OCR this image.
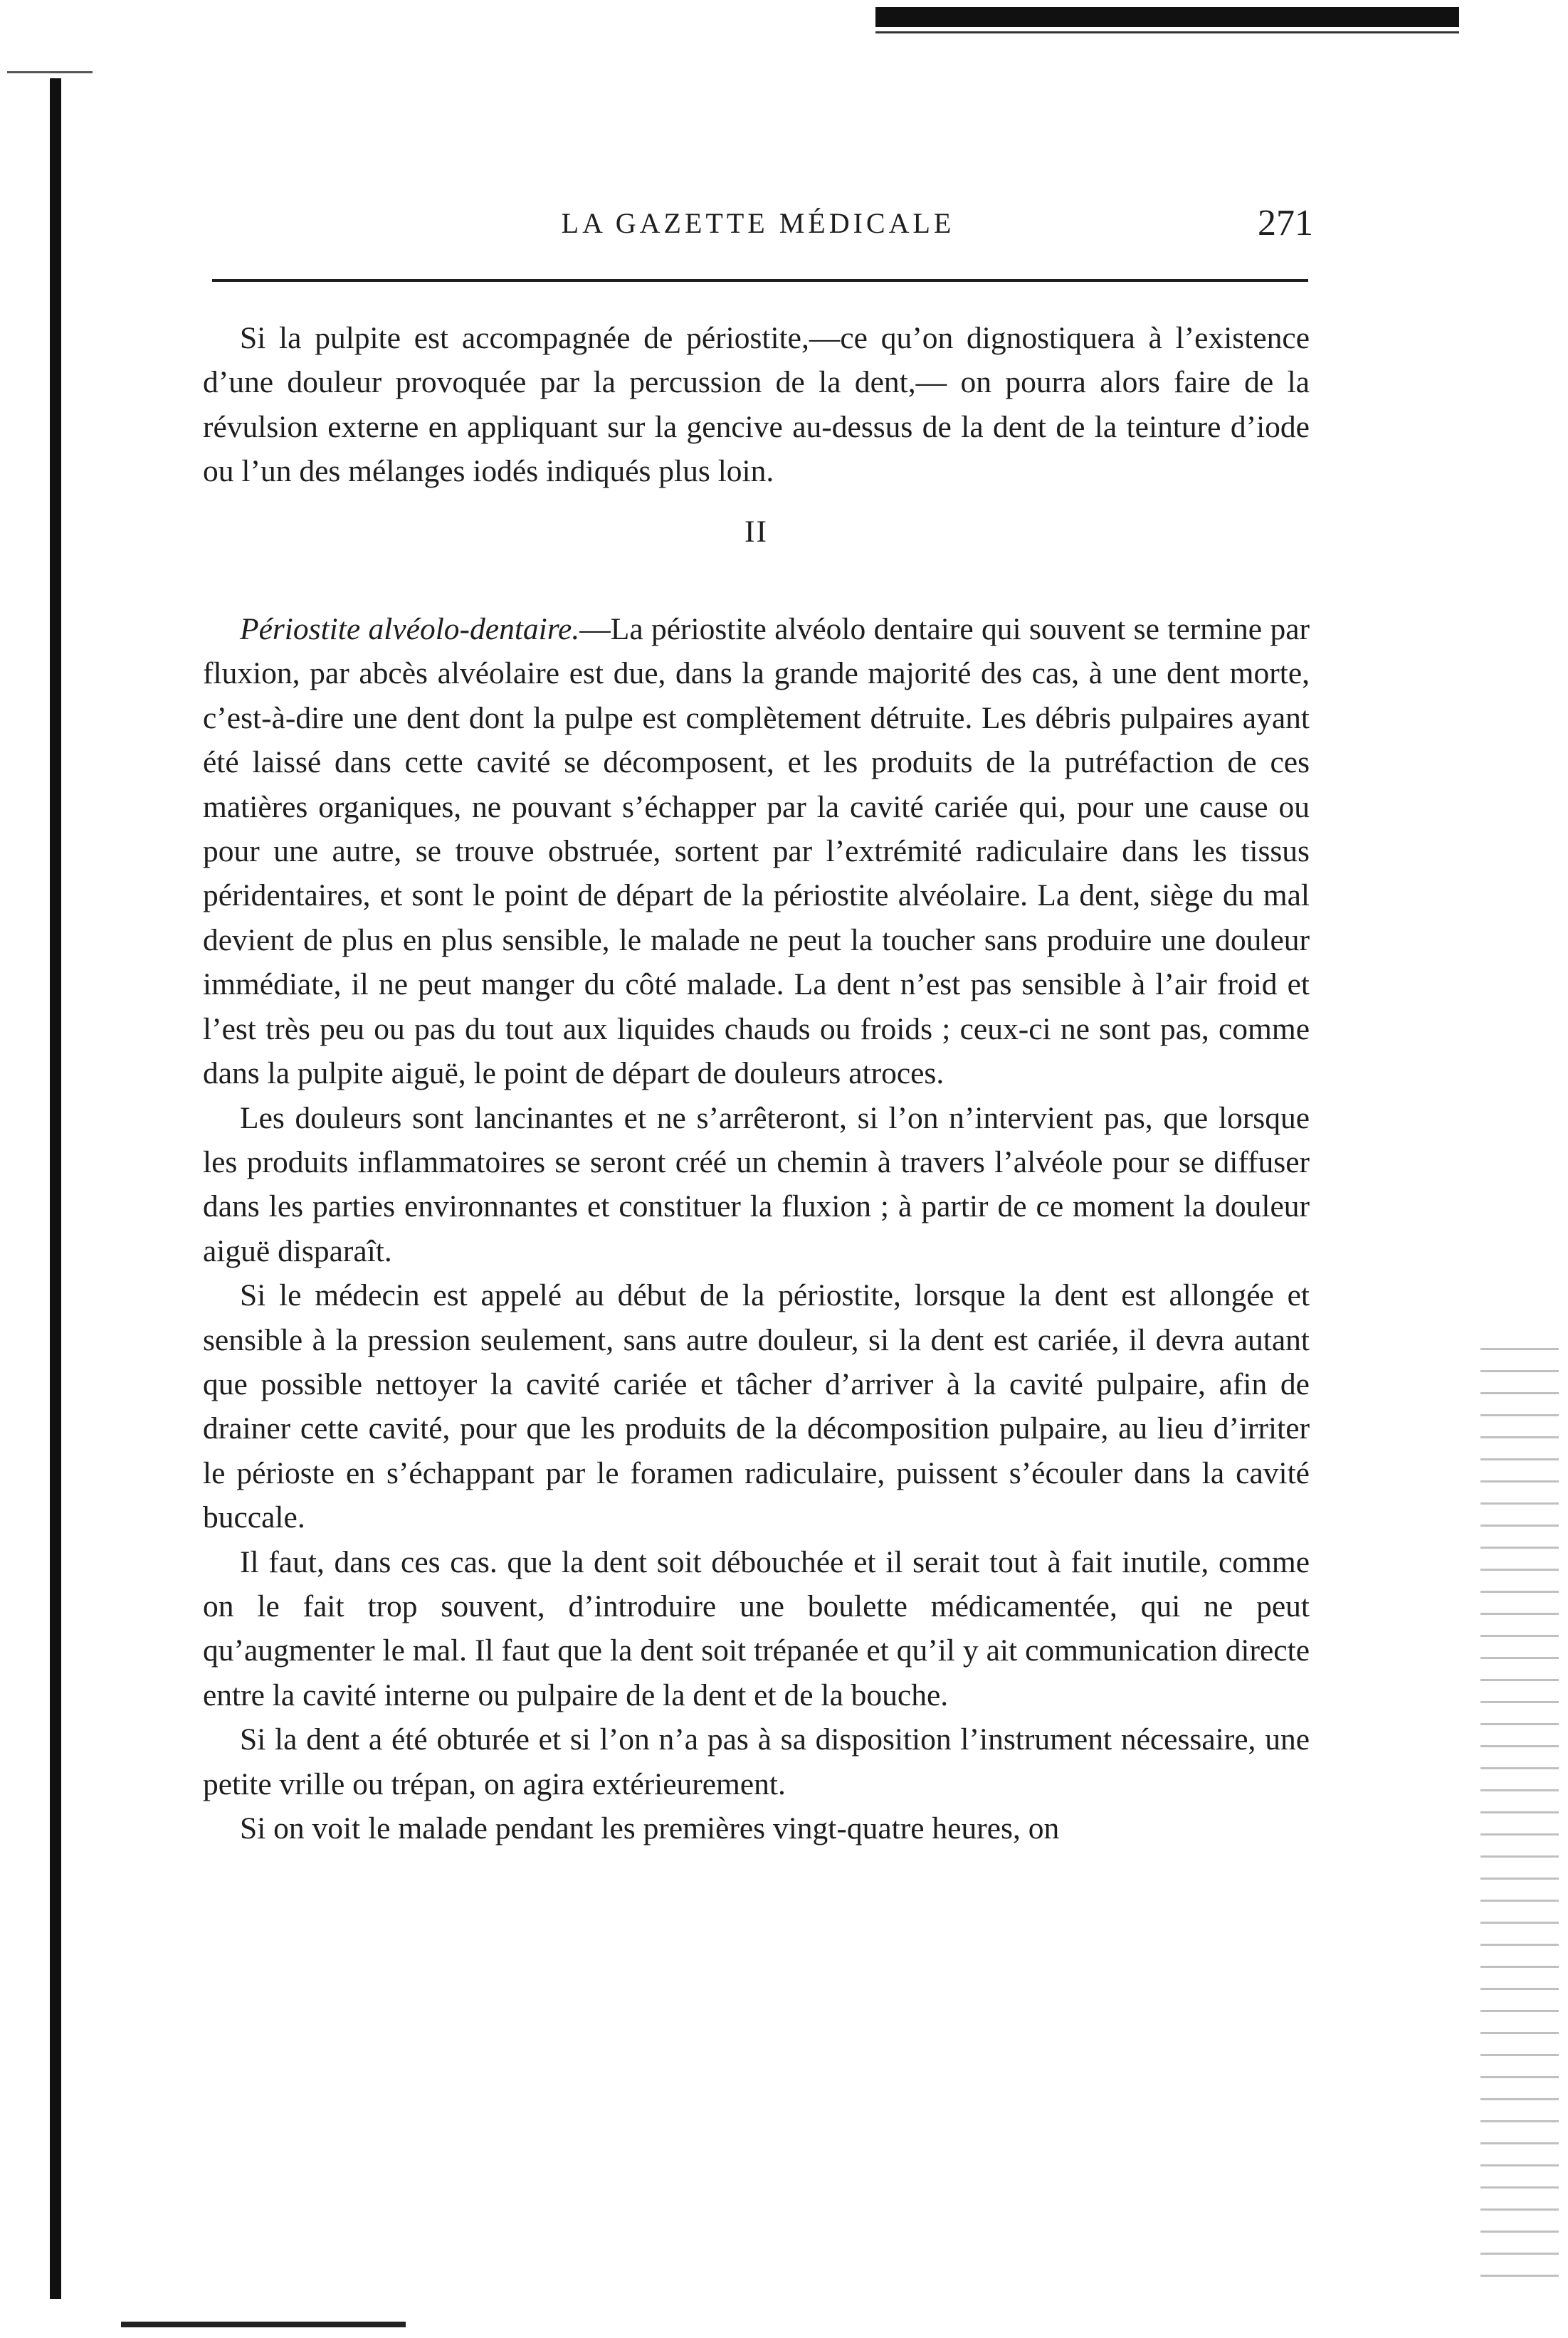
LA GAZETTE MÉDICALE	271

Si la pulpite est accompagnée de périostite,—ce qu’on dignostiquera à l’existence d’une douleur provoquée par la percussion de la dent,— on pourra alors faire de la révulsion externe en appliquant sur la gencive au-dessus de la dent de la teinture d’iode ou l’un des mélanges iodés indiqués plus loin.

II

Périostite alvéolo-dentaire.—La périostite alvéolo dentaire qui souvent se termine par fluxion, par abcès alvéolaire est due, dans la grande majorité des cas, à une dent morte, c’est-à-dire une dent dont la pulpe est complètement détruite. Les débris pulpaires ayant été laissé dans cette cavité se décomposent, et les produits de la putréfaction de ces matières organiques, ne pouvant s’échapper par la cavité cariée qui, pour une cause ou pour une autre, se trouve obstruée, sortent par l’extrémité radiculaire dans les tissus péridentaires, et sont le point de départ de la périostite alvéolaire. La dent, siège du mal devient de plus en plus sensible, le malade ne peut la toucher sans produire une douleur immédiate, il ne peut manger du côté malade. La dent n’est pas sensible à l’air froid et l’est très peu ou pas du tout aux liquides chauds ou froids ; ceux-ci ne sont pas, comme dans la pulpite aiguë, le point de départ de douleurs atroces.

Les douleurs sont lancinantes et ne s’arrêteront, si l’on n’intervient pas, que lorsque les produits inflammatoires se seront créé un chemin à travers l’alvéole pour se diffuser dans les parties environnantes et constituer la fluxion ; à partir de ce moment la douleur aiguë disparaît.

Si le médecin est appelé au début de la périostite, lorsque la dent est allongée et sensible à la pression seulement, sans autre douleur, si la dent est cariée, il devra autant que possible nettoyer la cavité cariée et tâcher d’arriver à la cavité pulpaire, afin de drainer cette cavité, pour que les produits de la décomposition pulpaire, au lieu d’irriter le périoste en s’échappant par le foramen radiculaire, puissent s’écouler dans la cavité buccale.

Il faut, dans ces cas. que la dent soit débouchée et il serait tout à fait inutile, comme on le fait trop souvent, d’introduire une boulette médicamentée, qui ne peut qu’augmenter le mal. Il faut que la dent soit trépanée et qu’il y ait communication directe entre la cavité interne ou pulpaire de la dent et de la bouche.

Si la dent a été obturée et si l’on n’a pas à sa disposition l’instrument nécessaire, une petite vrille ou trépan, on agira extérieurement.

Si on voit le malade pendant les premières vingt-quatre heures, on
